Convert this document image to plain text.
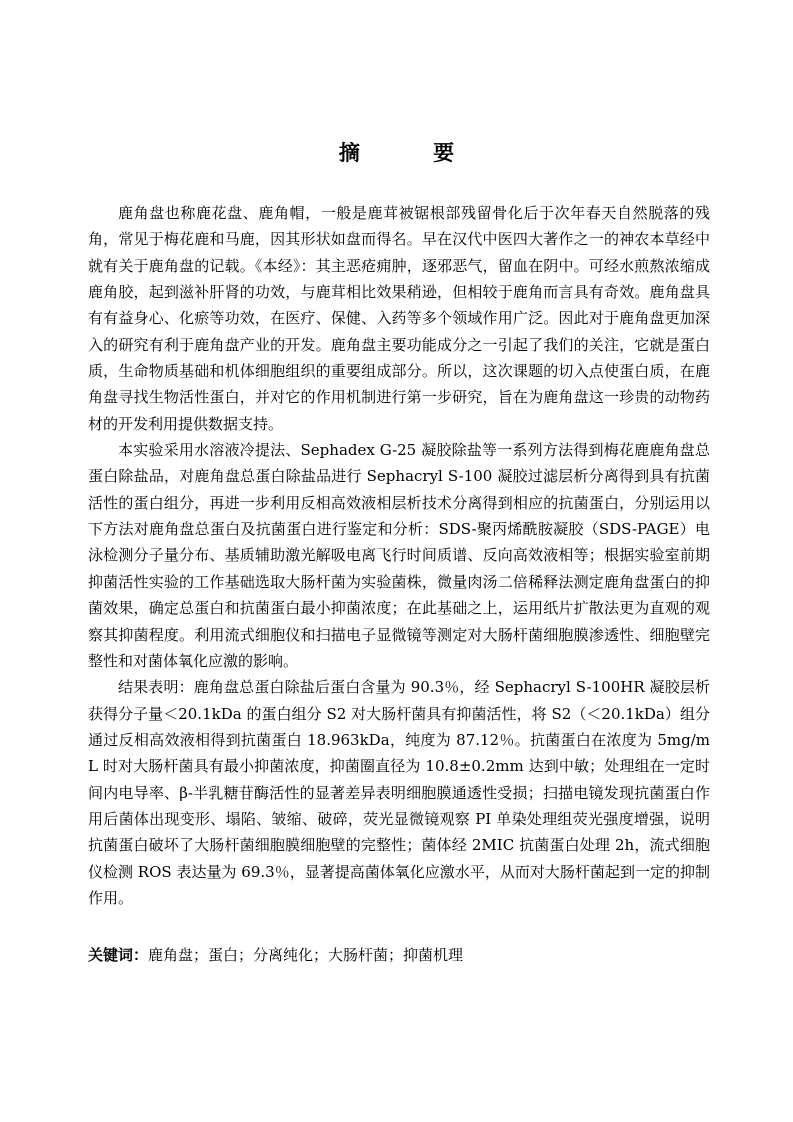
摘 要

鹿角盘也称鹿花盘、鹿角帽，一般是鹿茸被锯根部残留骨化后于次年春天自然脱落的残角，常见于梅花鹿和马鹿，因其形状如盘而得名。早在汉代中医四大著作之一的神农本草经中就有关于鹿角盘的记载。《本经》：其主恶疮痈肿，逐邪恶气，留血在阴中。可经水煎熬浓缩成鹿角胶，起到滋补肝肾的功效，与鹿茸相比效果稍逊，但相较于鹿角而言具有奇效。鹿角盘具有有益身心、化瘀等功效，在医疗、保健、入药等多个领域作用广泛。因此对于鹿角盘更加深入的研究有利于鹿角盘产业的开发。鹿角盘主要功能成分之一引起了我们的关注，它就是蛋白质，生命物质基础和机体细胞组织的重要组成部分。所以，这次课题的切入点使蛋白质，在鹿角盘寻找生物活性蛋白，并对它的作用机制进行第一步研究，旨在为鹿角盘这一珍贵的动物药材的开发利用提供数据支持。

本实验采用水溶液冷提法、Sephadex G-25 凝胶除盐等一系列方法得到梅花鹿鹿角盘总蛋白除盐品，对鹿角盘总蛋白除盐品进行 Sephacryl S-100 凝胶过滤层析分离得到具有抗菌活性的蛋白组分，再进一步利用反相高效液相层析技术分离得到相应的抗菌蛋白，分别运用以下方法对鹿角盘总蛋白及抗菌蛋白进行鉴定和分析：SDS-聚丙烯酰胺凝胶（SDS-PAGE）电泳检测分子量分布、基质辅助激光解吸电离飞行时间质谱、反向高效液相等；根据实验室前期抑菌活性实验的工作基础选取大肠杆菌为实验菌株，微量肉汤二倍稀释法测定鹿角盘蛋白的抑菌效果，确定总蛋白和抗菌蛋白最小抑菌浓度；在此基础之上，运用纸片扩散法更为直观的观察其抑菌程度。利用流式细胞仪和扫描电子显微镜等测定对大肠杆菌细胞膜渗透性、细胞壁完整性和对菌体氧化应激的影响。

结果表明：鹿角盘总蛋白除盐后蛋白含量为 90.3％，经 Sephacryl S-100HR 凝胶层析获得分子量＜20.1kDa 的蛋白组分 S2 对大肠杆菌具有抑菌活性，将 S2（＜20.1kDa）组分通过反相高效液相得到抗菌蛋白 18.963kDa，纯度为 87.12％。抗菌蛋白在浓度为 5mg/mL 时对大肠杆菌具有最小抑菌浓度，抑菌圈直径为 10.8±0.2mm 达到中敏；处理组在一定时间内电导率、β-半乳糖苷酶活性的显著差异表明细胞膜通透性受损；扫描电镜发现抗菌蛋白作用后菌体出现变形、塌陷、皱缩、破碎，荧光显微镜观察 PI 单染处理组荧光强度增强，说明抗菌蛋白破坏了大肠杆菌细胞膜细胞壁的完整性；菌体经 2MIC 抗菌蛋白处理 2h，流式细胞仪检测 ROS 表达量为 69.3％，显著提高菌体氧化应激水平，从而对大肠杆菌起到一定的抑制作用。

关键词：鹿角盘；蛋白；分离纯化；大肠杆菌；抑菌机理
